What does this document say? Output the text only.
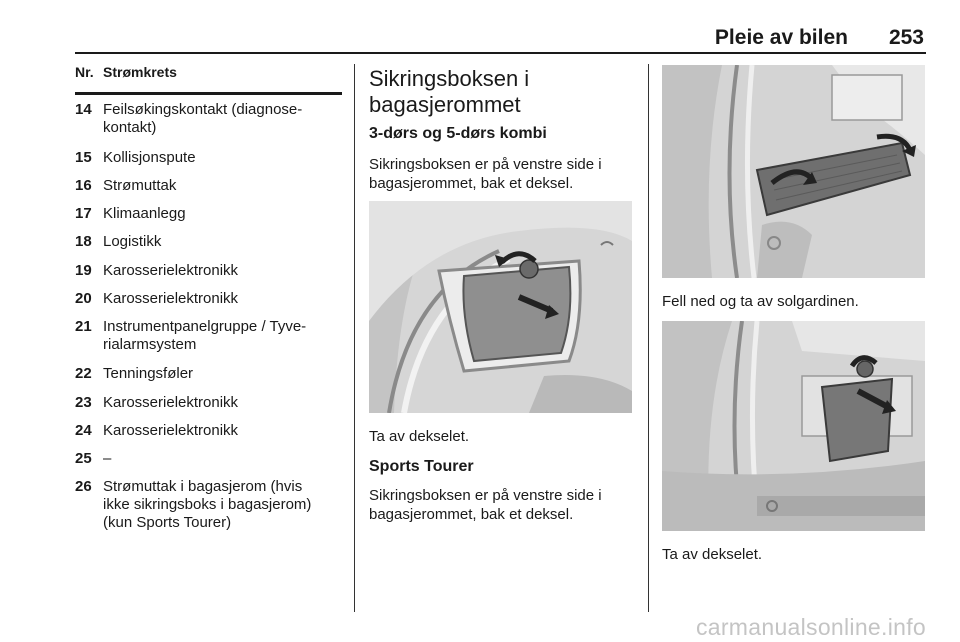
Pleie av bilen 253
Nr. Strømkrets
14 Feilsøkingskontakt (diagnose-
kontakt)
15 Kollisjonspute
16 Strømuttak
17 Klimaanlegg
18 Logistikk
19 Karosserielektronikk
20 Karosserielektronikk
21 Instrumentpanelgruppe / Tyve-
rialarmsystem
22 Tenningsføler
23 Karosserielektronikk
24 Karosserielektronikk
25 –
26 Strømuttak i bagasjerom (hvis
ikke sikringsboks i bagasjerom)
(kun Sports Tourer)
Sikringsboksen i
bagasjerommet
3-dørs og 5-dørs kombi
Sikringsboksen er på venstre side i
bagasjerommet, bak et deksel.
Ta av dekselet.
Sports Tourer
Sikringsboksen er på venstre side i
bagasjerommet, bak et deksel.
Fell ned og ta av solgardinen.
Ta av dekselet.
carmanualsonline.info
